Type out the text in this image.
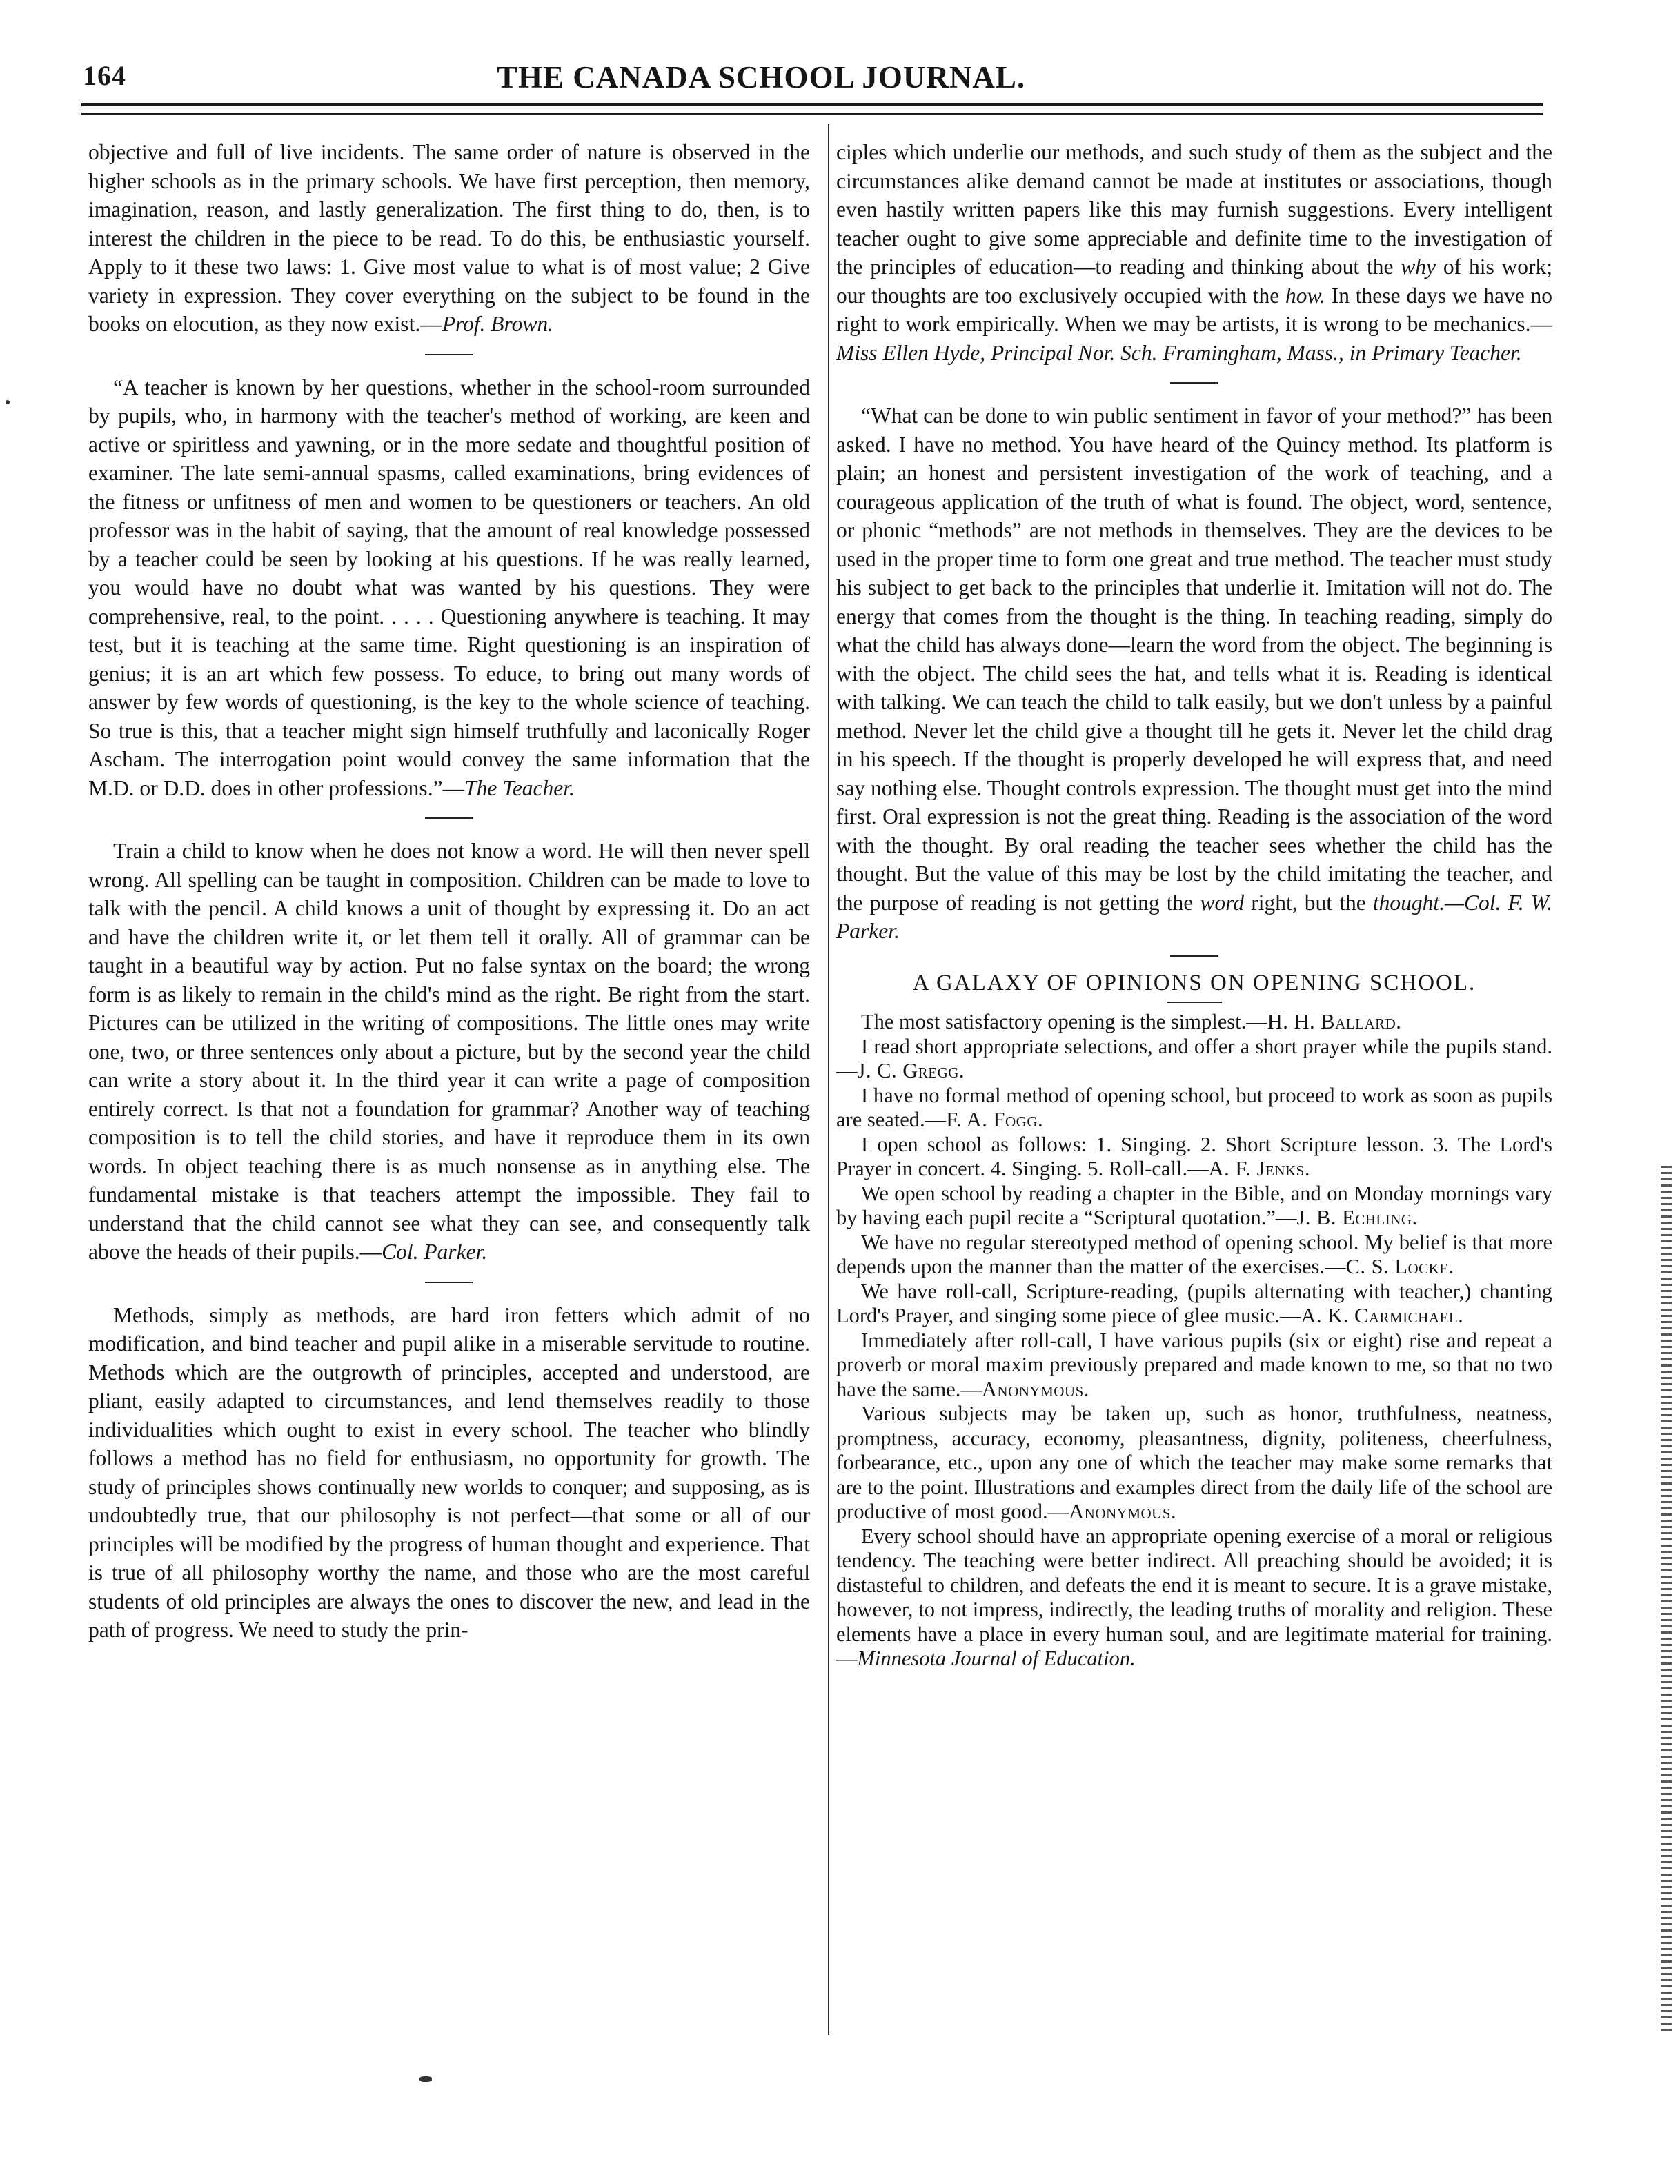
164	THE CANADA SCHOOL JOURNAL.

objective and full of live incidents. The same order of nature is observed in the higher schools as in the primary schools. We have first perception, then memory, imagination, reason, and lastly generalization. The first thing to do, then, is to interest the children in the piece to be read. To do this, be enthusiastic yourself. Apply to it these two laws: 1. Give most value to what is of most value; 2 Give variety in expression. They cover everything on the subject to be found in the books on elocution, as they now exist.—Prof. Brown.

“A teacher is known by her questions, whether in the school-room surrounded by pupils, who, in harmony with the teacher's method of working, are keen and active or spiritless and yawning, or in the more sedate and thoughtful position of examiner. The late semi-annual spasms, called examinations, bring evidences of the fitness or unfitness of men and women to be questioners or teachers. An old professor was in the habit of saying, that the amount of real knowledge possessed by a teacher could be seen by looking at his questions. If he was really learned, you would have no doubt what was wanted by his questions. They were comprehensive, real, to the point. . . . . Questioning anywhere is teaching. It may test, but it is teaching at the same time. Right questioning is an inspiration of genius; it is an art which few possess. To educe, to bring out many words of answer by few words of questioning, is the key to the whole science of teaching. So true is this, that a teacher might sign himself truthfully and laconically Roger Ascham. The interrogation point would convey the same information that the M.D. or D.D. does in other professions.”—The Teacher.

Train a child to know when he does not know a word. He will then never spell wrong. All spelling can be taught in composition. Children can be made to love to talk with the pencil. A child knows a unit of thought by expressing it. Do an act and have the children write it, or let them tell it orally. All of grammar can be taught in a beautiful way by action. Put no false syntax on the board; the wrong form is as likely to remain in the child's mind as the right. Be right from the start. Pictures can be utilized in the writing of compositions. The little ones may write one, two, or three sentences only about a picture, but by the second year the child can write a story about it. In the third year it can write a page of composition entirely correct. Is that not a foundation for grammar? Another way of teaching composition is to tell the child stories, and have it reproduce them in its own words. In object teaching there is as much nonsense as in anything else. The fundamental mistake is that teachers attempt the impossible. They fail to understand that the child cannot see what they can see, and consequently talk above the heads of their pupils.—Col. Parker.

Methods, simply as methods, are hard iron fetters which admit of no modification, and bind teacher and pupil alike in a miserable servitude to routine. Methods which are the outgrowth of principles, accepted and understood, are pliant, easily adapted to circumstances, and lend themselves readily to those individualities which ought to exist in every school. The teacher who blindly follows a method has no field for enthusiasm, no opportunity for growth. The study of principles shows continually new worlds to conquer; and supposing, as is undoubtedly true, that our philosophy is not perfect—that some or all of our principles will be modified by the progress of human thought and experience. That is true of all philosophy worthy the name, and those who are the most careful students of old principles are always the ones to discover the new, and lead in the path of progress. We need to study the prin-

ciples which underlie our methods, and such study of them as the subject and the circumstances alike demand cannot be made at institutes or associations, though even hastily written papers like this may furnish suggestions. Every intelligent teacher ought to give some appreciable and definite time to the investigation of the principles of education—to reading and thinking about the why of his work; our thoughts are too exclusively occupied with the how. In these days we have no right to work empirically. When we may be artists, it is wrong to be mechanics.—Miss Ellen Hyde, Principal Nor. Sch. Framingham, Mass., in Primary Teacher.

“What can be done to win public sentiment in favor of your method?” has been asked. I have no method. You have heard of the Quincy method. Its platform is plain; an honest and persistent investigation of the work of teaching, and a courageous application of the truth of what is found. The object, word, sentence, or phonic “methods” are not methods in themselves. They are the devices to be used in the proper time to form one great and true method. The teacher must study his subject to get back to the principles that underlie it. Imitation will not do. The energy that comes from the thought is the thing. In teaching reading, simply do what the child has always done—learn the word from the object. The beginning is with the object. The child sees the hat, and tells what it is. Reading is identical with talking. We can teach the child to talk easily, but we don't unless by a painful method. Never let the child give a thought till he gets it. Never let the child drag in his speech. If the thought is properly developed he will express that, and need say nothing else. Thought controls expression. The thought must get into the mind first. Oral expression is not the great thing. Reading is the association of the word with the thought. By oral reading the teacher sees whether the child has the thought. But the value of this may be lost by the child imitating the teacher, and the purpose of reading is not getting the word right, but the thought.—Col. F. W. Parker.

A GALAXY OF OPINIONS ON OPENING SCHOOL.

The most satisfactory opening is the simplest.—H. H. Ballard.

I read short appropriate selections, and offer a short prayer while the pupils stand.—J. C. Gregg.

I have no formal method of opening school, but proceed to work as soon as pupils are seated.—F. A. Fogg.

I open school as follows: 1. Singing. 2. Short Scripture lesson. 3. The Lord's Prayer in concert. 4. Singing. 5. Roll-call.—A. F. Jenks.

We open school by reading a chapter in the Bible, and on Monday mornings vary by having each pupil recite a “Scriptural quotation.”—J. B. Echling.

We have no regular stereotyped method of opening school. My belief is that more depends upon the manner than the matter of the exercises.—C. S. Locke.

We have roll-call, Scripture-reading, (pupils alternating with teacher,) chanting Lord's Prayer, and singing some piece of glee music.—A. K. Carmichael.

Immediately after roll-call, I have various pupils (six or eight) rise and repeat a proverb or moral maxim previously prepared and made known to me, so that no two have the same.—Anonymous.

Various subjects may be taken up, such as honor, truthfulness, neatness, promptness, accuracy, economy, pleasantness, dignity, politeness, cheerfulness, forbearance, etc., upon any one of which the teacher may make some remarks that are to the point. Illustrations and examples direct from the daily life of the school are productive of most good.—Anonymous.

Every school should have an appropriate opening exercise of a moral or religious tendency. The teaching were better indirect. All preaching should be avoided; it is distasteful to children, and defeats the end it is meant to secure. It is a grave mistake, however, to not impress, indirectly, the leading truths of morality and religion. These elements have a place in every human soul, and are legitimate material for training.—Minnesota Journal of Education.
